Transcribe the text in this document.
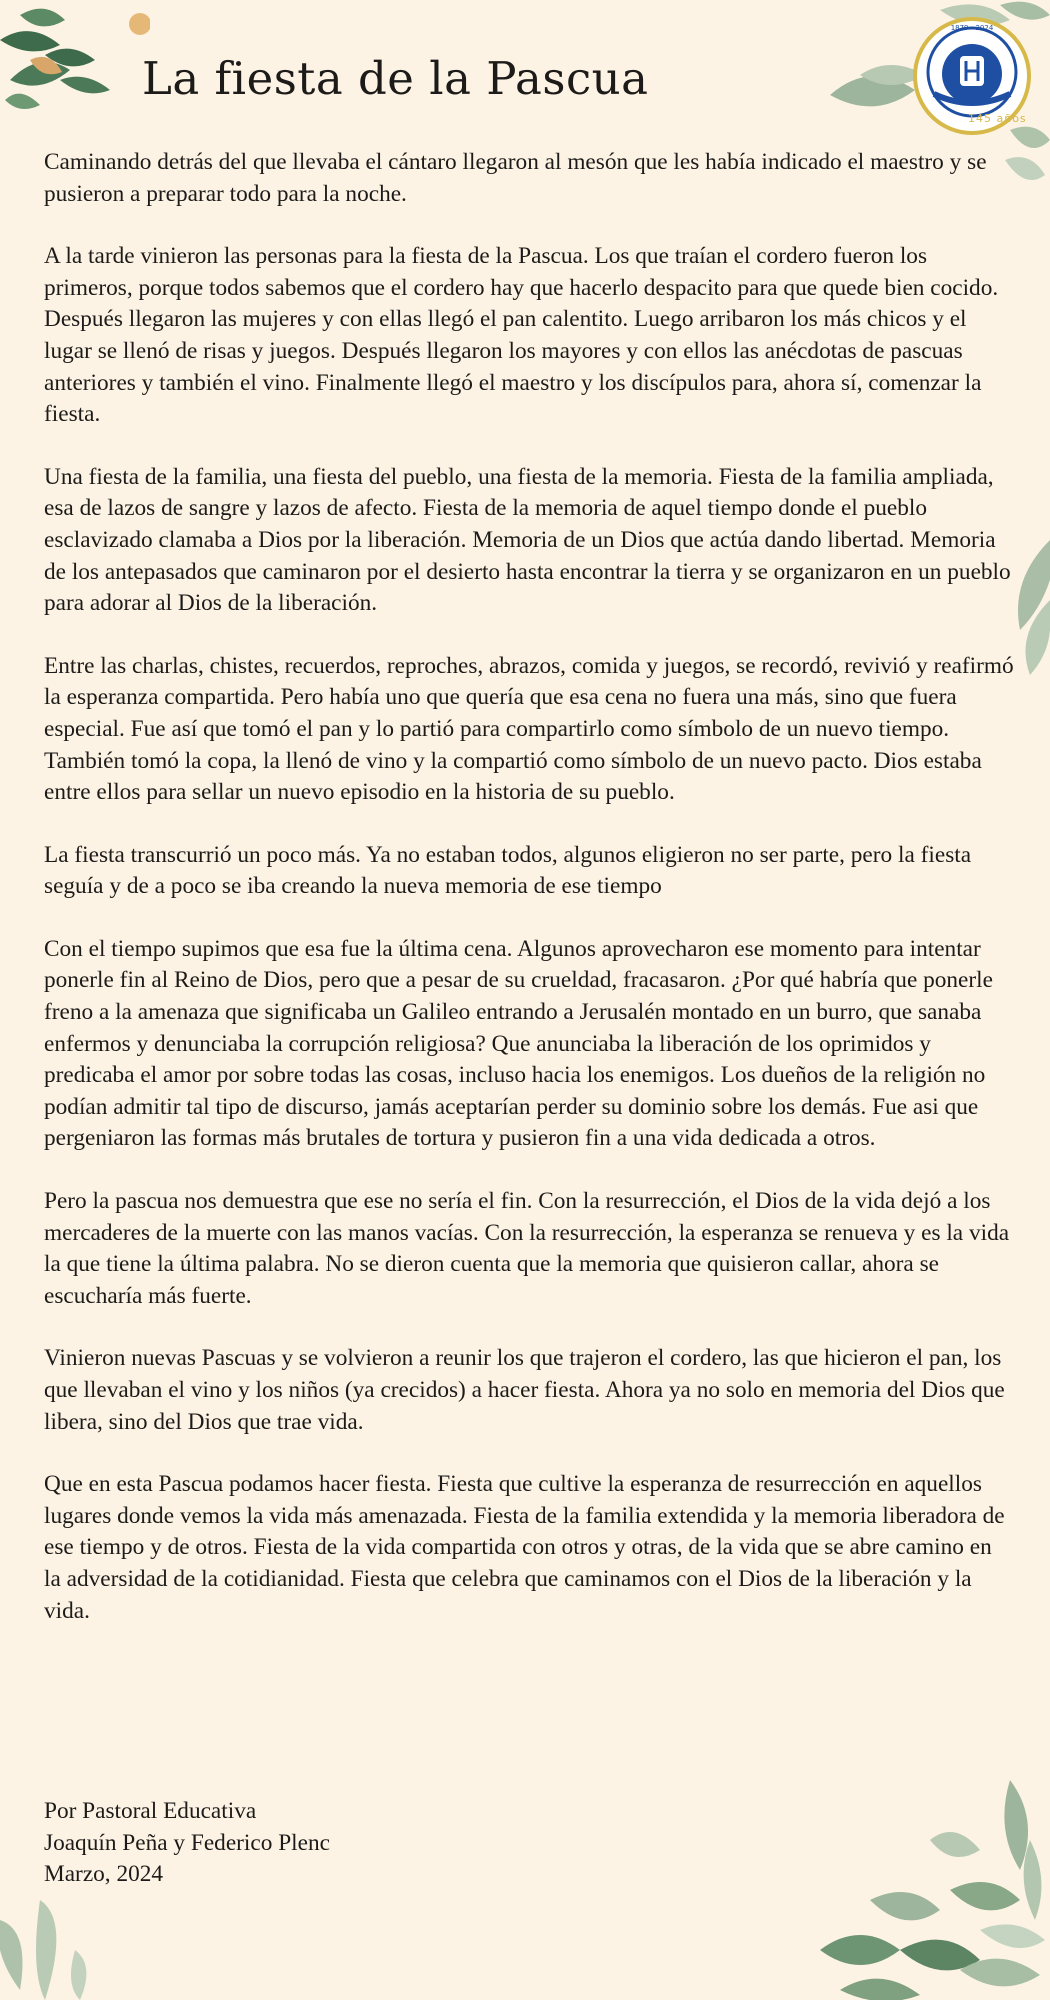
La fiesta de la Pascua
1879 - 2024
145 años

Caminando detrás del que llevaba el cántaro llegaron al mesón que les había indicado el maestro y se pusieron a preparar todo para la noche.

A la tarde vinieron las personas para la fiesta de la Pascua. Los que traían el cordero fueron los primeros, porque todos sabemos que el cordero hay que hacerlo despacito para que quede bien cocido. Después llegaron las mujeres y con ellas llegó el pan calentito. Luego arribaron los más chicos y el lugar se llenó de risas y juegos. Después llegaron los mayores y con ellos las anécdotas de pascuas anteriores y también el vino. Finalmente llegó el maestro y los discípulos para, ahora sí, comenzar la fiesta.

Una fiesta de la familia, una fiesta del pueblo, una fiesta de la memoria. Fiesta de la familia ampliada, esa de lazos de sangre y lazos de afecto. Fiesta de la memoria de aquel tiempo donde el pueblo esclavizado clamaba a Dios por la liberación. Memoria de un Dios que actúa dando libertad. Memoria de los antepasados que caminaron por el desierto hasta encontrar la tierra y se organizaron en un pueblo para adorar al Dios de la liberación.

Entre las charlas, chistes, recuerdos, reproches, abrazos, comida y juegos, se recordó, revivió y reafirmó la esperanza compartida. Pero había uno que quería que esa cena no fuera una más, sino que fuera especial. Fue así que tomó el pan y lo partió para compartirlo como símbolo de un nuevo tiempo. También tomó la copa, la llenó de vino y la compartió como símbolo de un nuevo pacto. Dios estaba entre ellos para sellar un nuevo episodio en la historia de su pueblo.

La fiesta transcurrió un poco más. Ya no estaban todos, algunos eligieron no ser parte, pero la fiesta seguía y de a poco se iba creando la nueva memoria de ese tiempo

Con el tiempo supimos que esa fue la última cena. Algunos aprovecharon ese momento para intentar ponerle fin al Reino de Dios, pero que a pesar de su crueldad, fracasaron. ¿Por qué habría que ponerle freno a la amenaza que significaba un Galileo entrando a Jerusalén montado en un burro, que sanaba enfermos y denunciaba la corrupción religiosa? Que anunciaba la liberación de los oprimidos y predicaba el amor por sobre todas las cosas, incluso hacia los enemigos. Los dueños de la religión no podían admitir tal tipo de discurso, jamás aceptarían perder su dominio sobre los demás. Fue asi que pergeniaron las formas más brutales de tortura y pusieron fin a una vida dedicada a otros.

Pero la pascua nos demuestra que ese no sería el fin. Con la resurrección, el Dios de la vida dejó a los mercaderes de la muerte con las manos vacías. Con la resurrección, la esperanza se renueva y es la vida la que tiene la última palabra. No se dieron cuenta que la memoria que quisieron callar, ahora se escucharía más fuerte.

Vinieron nuevas Pascuas y se volvieron a reunir los que trajeron el cordero, las que hicieron el pan, los que llevaban el vino y los niños (ya crecidos) a hacer fiesta. Ahora ya no solo en memoria del Dios que libera, sino del Dios que trae vida.

Que en esta Pascua podamos hacer fiesta. Fiesta que cultive la esperanza de resurrección en aquellos lugares donde vemos la vida más amenazada. Fiesta de la familia extendida y la memoria liberadora de ese tiempo y de otros. Fiesta de la vida compartida con otros y otras, de la vida que se abre camino en la adversidad de la cotidianidad. Fiesta que celebra que caminamos con el Dios de la liberación y la vida.

Por Pastoral Educativa
Joaquín Peña y Federico Plenc
Marzo, 2024
